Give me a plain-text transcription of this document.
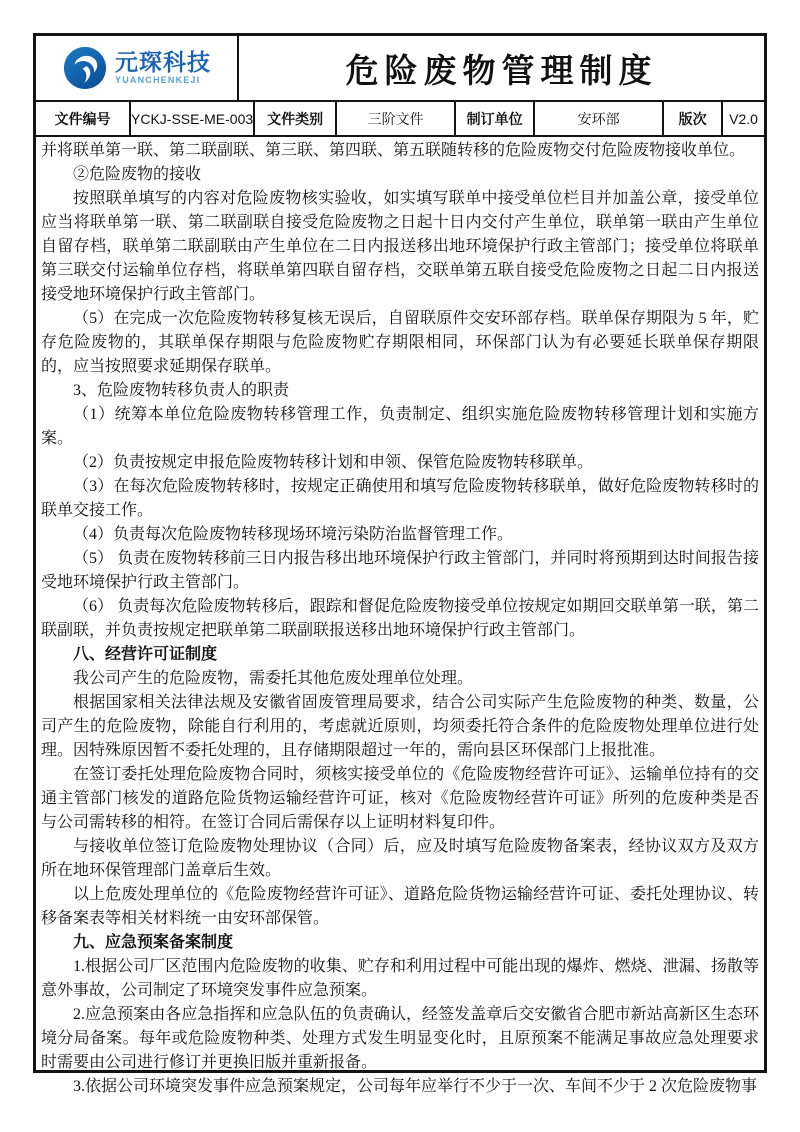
元琛科技
YUANCHENKEJI	危险废物管理制度
文件编号	YCKJ-SSE-ME-003	文件类别	三阶文件	制订单位	安环部	版次	V2.0

并将联单第一联、第二联副联、第三联、第四联、第五联随转移的危险废物交付危险废物接收单位。

②危险废物的接收

按照联单填写的内容对危险废物核实验收，如实填写联单中接受单位栏目并加盖公章，接受单位应当将联单第一联、第二联副联自接受危险废物之日起十日内交付产生单位，联单第一联由产生单位自留存档，联单第二联副联由产生单位在二日内报送移出地环境保护行政主管部门；接受单位将联单第三联交付运输单位存档，将联单第四联自留存档，交联单第五联自接受危险废物之日起二日内报送接受地环境保护行政主管部门。

（5）在完成一次危险废物转移复核无误后，自留联原件交安环部存档。联单保存期限为 5 年，贮存危险废物的，其联单保存期限与危险废物贮存期限相同，环保部门认为有必要延长联单保存期限的，应当按照要求延期保存联单。

3、危险废物转移负责人的职责

（1）统筹本单位危险废物转移管理工作，负责制定、组织实施危险废物转移管理计划和实施方案。

（2）负责按规定申报危险废物转移计划和申领、保管危险废物转移联单。

（3）在每次危险废物转移时，按规定正确使用和填写危险废物转移联单，做好危险废物转移时的联单交接工作。

（4）负责每次危险废物转移现场环境污染防治监督管理工作。

（5） 负责在废物转移前三日内报告移出地环境保护行政主管部门，并同时将预期到达时间报告接受地环境保护行政主管部门。

（6） 负责每次危险废物转移后，跟踪和督促危险废物接受单位按规定如期回交联单第一联，第二联副联，并负责按规定把联单第二联副联报送移出地环境保护行政主管部门。

八、经营许可证制度

我公司产生的危险废物，需委托其他危废处理单位处理。

根据国家相关法律法规及安徽省固废管理局要求，结合公司实际产生危险废物的种类、数量，公司产生的危险废物，除能自行利用的，考虑就近原则，均须委托符合条件的危险废物处理单位进行处理。因特殊原因暂不委托处理的，且存储期限超过一年的，需向县区环保部门上报批准。

在签订委托处理危险废物合同时，须核实接受单位的《危险废物经营许可证》、运输单位持有的交通主管部门核发的道路危险货物运输经营许可证，核对《危险废物经营许可证》所列的危废种类是否与公司需转移的相符。在签订合同后需保存以上证明材料复印件。

与接收单位签订危险废物处理协议（合同）后，应及时填写危险废物备案表，经协议双方及双方所在地环保管理部门盖章后生效。

以上危废处理单位的《危险废物经营许可证》、道路危险货物运输经营许可证、委托处理协议、转移备案表等相关材料统一由安环部保管。

九、应急预案备案制度

1.根据公司厂区范围内危险废物的收集、贮存和利用过程中可能出现的爆炸、燃烧、泄漏、扬散等意外事故，公司制定了环境突发事件应急预案。

2.应急预案由各应急指挥和应急队伍的负责确认，经签发盖章后交安徽省合肥市新站高新区生态环境分局备案。每年或危险废物种类、处理方式发生明显变化时，且原预案不能满足事故应急处理要求时需要由公司进行修订并更换旧版并重新报备。

3.依据公司环境突发事件应急预案规定，公司每年应举行不少于一次、车间不少于 2 次危险废物事
